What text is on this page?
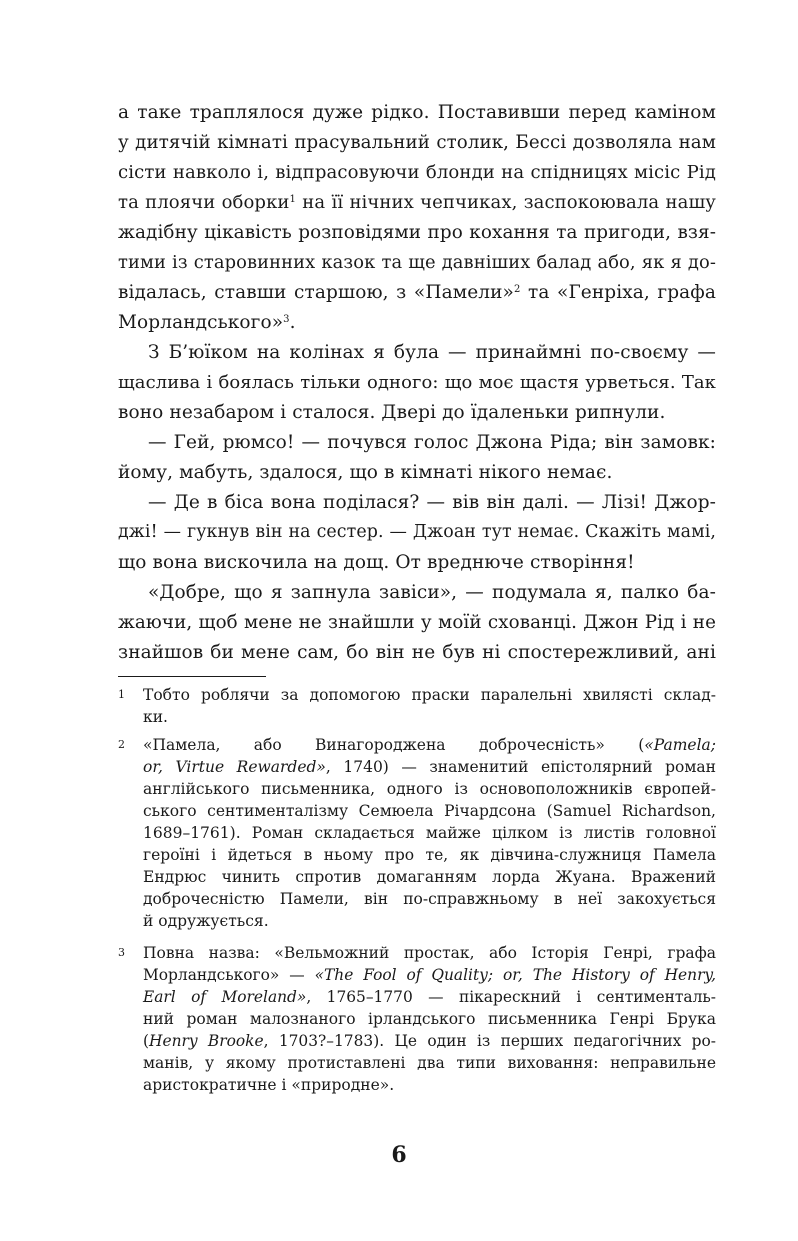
а таке траплялося дуже рідко. Поставивши перед каміном
у дитячій кімнаті прасувальний столик, Бессі дозволяла нам
сісти навколо і, відпрасовуючи блонди на спідницях місіс Рід
та плоячи оборки$^1$ на її нічних чепчиках, заспокоювала нашу
жадібну цікавість розповідями про кохання та пригоди, взя-
тими із старовинних казок та ще давніших балад або, як я до-
відалась, ставши старшою, з «Памели»$^2$ та «Генріха, графа
Морландського»$^3$.
З Б’юїком на колінах я була — принаймні по-своєму —
щаслива і боялась тільки одного: що моє щастя урветься. Так
воно незабаром і сталося. Двері до їдаленьки рипнули.
— Гей, рюмсо! — почувся голос Джона Ріда; він замовк:
йому, мабуть, здалося, що в кімнаті нікого немає.
— Де в біса вона поділася? — вів він далі. — Лізі! Джор-
джі! — гукнув він на сестер. — Джоан тут немає. Скажіть мамі,
що вона вискочила на дощ. От вреднюче створіння!
«Добре, що я запнула завіси», — подумала я, палко ба-
жаючи, щоб мене не знайшли у моїй схованці. Джон Рід і не
знайшов би мене сам, бо він не був ні спостережливий, ані
1 Тобто роблячи за допомогою праски паралельні хвилясті склад-
ки.
2 «Памела, або Винагороджена доброчесність» («Pamela;
or, Virtue Rewarded», 1740) — знаменитий епістолярний роман
англійського письменника, одного із основоположників європей-
ського сентименталізму Семюела Річардсона (Samuel Richardson,
1689–1761). Роман складається майже цілком із листів головної
героїні і йдеться в ньому про те, як дівчина-служниця Памела
Ендрюс чинить спротив домаганням лорда Жуана. Вражений
доброчесністю Памели, він по-справжньому в неї закохується
й одружується.
3 Повна назва: «Вельможний простак, або Історія Генрі, графа
Морландського» — «The Fool of Quality; or, The History of Henry,
Earl of Moreland», 1765–1770 — пікарескний і сентименталь-
ний роман малознаного ірландського письменника Генрі Брука
(Henry Brooke, 1703?–1783). Це один із перших педагогічних ро-
манів, у якому протиставлені два типи виховання: неправильне
аристократичне і «природне».
6
